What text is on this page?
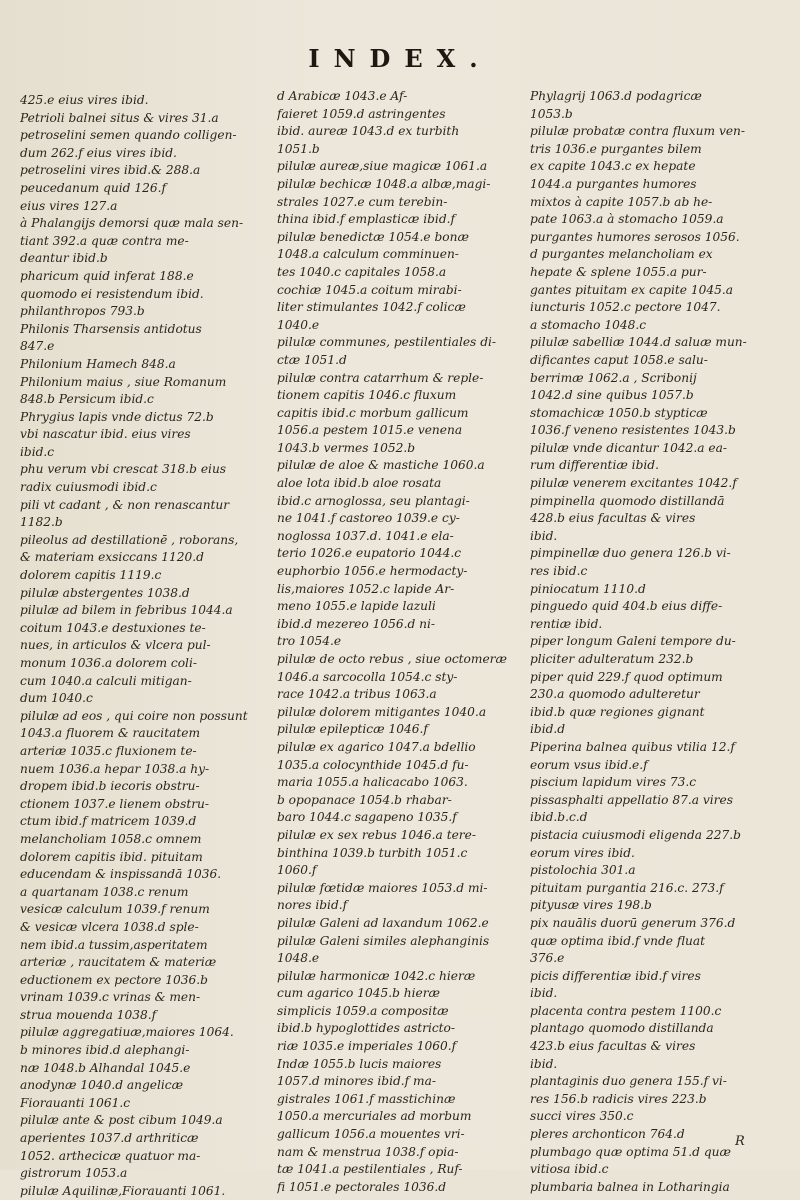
INDEX.
425.e eius vires ibid.
Petrioli balnei situs & vires 31.a
petroselini semen quando colligen-
dum 262.f eius vires ibid.
petroselini vires ibid.& 288.a
peucedanum quid 126.f
eius vires 127.a
à Phalangijs demorsi quæ mala sen-
tiant 392.a quæ contra me-
deantur ibid.b
pharicum quid inferat 188.e
quomodo ei resistendum ibid.
philanthropos 793.b
Philonis Tharsensis antidotus
847.e
Philonium Hamech 848.a
Philonium maius , siue Romanum
848.b Persicum ibid.c
Phrygius lapis vnde dictus 72.b
vbi nascatur ibid. eius vires
ibid.c
phu verum vbi crescat 318.b eius
radix cuiusmodi ibid.c
pili vt cadant , & non renascantur
1182.b
pileolus ad destillationē , roborans,
& materiam exsiccans 1120.d
dolorem capitis 1119.c
pilulæ abstergentes 1038.d
pilulæ ad bilem in febribus 1044.a
coitum 1043.e destuxiones te-
nues, in articulos & vlcera pul-
monum 1036.a dolorem coli-
cum 1040.a calculi mitigan-
dum 1040.c
pilulæ ad eos , qui coire non possunt
1043.a fluorem & raucitatem
arteriæ 1035.c fluxionem te-
nuem 1036.a hepar 1038.a hy-
dropem ibid.b iecoris obstru-
ctionem 1037.e lienem obstru-
ctum ibid.f matricem 1039.d
melancholiam 1058.c omnem
dolorem capitis ibid. pituitam
educendam & inspissandā 1036.
a quartanam 1038.c renum
vesicæ calculum 1039.f renum
& vesicæ vlcera 1038.d sple-
nem ibid.a tussim,asperitatem
arteriæ , raucitatem & materiæ
eductionem ex pectore 1036.b
vrinam 1039.c vrinas & men-
strua mouenda 1038.f
pilulæ aggregatiuæ,maiores 1064.
b minores ibid.d alephangi-
næ 1048.b Alhandal 1045.e
anodynæ 1040.d angelicæ
Fiorauanti 1061.c
pilulæ ante & post cibum 1049.a
aperientes 1037.d arthriticæ
1052. arthecicæ quatuor ma-
gistrorum 1053.a
pilulæ Aquilinæ,Fiorauanti 1061.
d Arabicæ 1043.e Af-
faieret 1059.d astringentes
ibid. aureæ 1043.d ex turbith
1051.b
pilulæ aureæ,siue magicæ 1061.a
pilulæ bechicæ 1048.a albæ,magi-
strales 1027.e cum terebin-
thina ibid.f emplasticæ ibid.f
pilulæ benedictæ 1054.e bonæ
1048.a calculum comminuen-
tes 1040.c capitales 1058.a
cochiæ 1045.a coitum mirabi-
liter stimulantes 1042.f colicæ
1040.e
pilulæ communes, pestilentiales di-
ctæ 1051.d
pilulæ contra catarrhum & reple-
tionem capitis 1046.c fluxum
capitis ibid.c morbum gallicum
1056.a pestem 1015.e venena
1043.b vermes 1052.b
pilulæ de aloe & mastiche 1060.a
aloe lota ibid.b aloe rosata
ibid.c arnoglossa, seu plantagi-
ne 1041.f castoreo 1039.e cy-
noglossa 1037.d. 1041.e ela-
terio 1026.e eupatorio 1044.c
euphorbio 1056.e hermodacty-
lis,maiores 1052.c lapide Ar-
meno 1055.e lapide lazuli
ibid.d mezereo 1056.d ni-
tro 1054.e
pilulæ de octo rebus , siue octomeræ
1046.a sarcocolla 1054.c sty-
race 1042.a tribus 1063.a
pilulæ dolorem mitigantes 1040.a
pilulæ epilepticæ 1046.f
pilulæ ex agarico 1047.a bdellio
1035.a colocynthide 1045.d fu-
maria 1055.a halicacabo 1063.
b opopanace 1054.b rhabar-
baro 1044.c sagapeno 1035.f
pilulæ ex sex rebus 1046.a tere-
binthina 1039.b turbith 1051.c
1060.f
pilulæ fœtidæ maiores 1053.d mi-
nores ibid.f
pilulæ Galeni ad laxandum 1062.e
pilulæ Galeni similes alephanginis
1048.e
pilulæ harmonicæ 1042.c hieræ
cum agarico 1045.b hieræ
simplicis 1059.a compositæ
ibid.b hypoglottides astricto-
riæ 1035.e imperiales 1060.f
Indæ 1055.b lucis maiores
1057.d minores ibid.f ma-
gistrales 1061.f masstichinæ
1050.a mercuriales ad morbum
gallicum 1056.a mouentes vri-
nam & menstrua 1038.f opia-
tæ 1041.a pestilentiales , Ruf-
fi 1051.e pectorales 1036.d
Phylagrij 1063.d podagricæ
1053.b
pilulæ probatæ contra fluxum ven-
tris 1036.e purgantes bilem
ex capite 1043.c ex hepate
1044.a purgantes humores
mixtos à capite 1057.b ab he-
pate 1063.a à stomacho 1059.a
purgantes humores serosos 1056.
d purgantes melancholiam ex
hepate & splene 1055.a pur-
gantes pituitam ex capite 1045.a
iuncturis 1052.c pectore 1047.
a stomacho 1048.c
pilulæ sabelliæ 1044.d saluæ mun-
dificantes caput 1058.e salu-
berrimæ 1062.a , Scribonij
1042.d sine quibus 1057.b
stomachicæ 1050.b stypticæ
1036.f veneno resistentes 1043.b
pilulæ vnde dicantur 1042.a ea-
rum differentiæ ibid.
pilulæ venerem excitantes 1042.f
pimpinella quomodo distillandā
428.b eius facultas & vires
ibid.
pimpinellæ duo genera 126.b vi-
res ibid.c
piniocatum 1110.d
pinguedo quid 404.b eius diffe-
rentiæ ibid.
piper longum Galeni tempore du-
pliciter adulteratum 232.b
piper quid 229.f quod optimum
230.a quomodo adulteretur
ibid.b quæ regiones gignant
ibid.d
Piperina balnea quibus vtilia 12.f
eorum vsus ibid.e.f
piscium lapidum vires 73.c
pissasphalti appellatio 87.a vires
ibid.b.c.d
pistacia cuiusmodi eligenda 227.b
eorum vires ibid.
pistolochia 301.a
pituitam purgantia 216.c. 273.f
pityusæ vires 198.b
pix nauālis duorū generum 376.d
quæ optima ibid.f vnde fluat
376.e
picis differentiæ ibid.f vires
ibid.
placenta contra pestem 1100.c
plantago quomodo distillanda
423.b eius facultas & vires
ibid.
plantaginis duo genera 155.f vi-
res 156.b radicis vires 223.b
succi vires 350.c
pleres archonticon 764.d
plumbago quæ optima 51.d quæ
vitiosa ibid.c
plumbaria balnea in Lotharingia
R
